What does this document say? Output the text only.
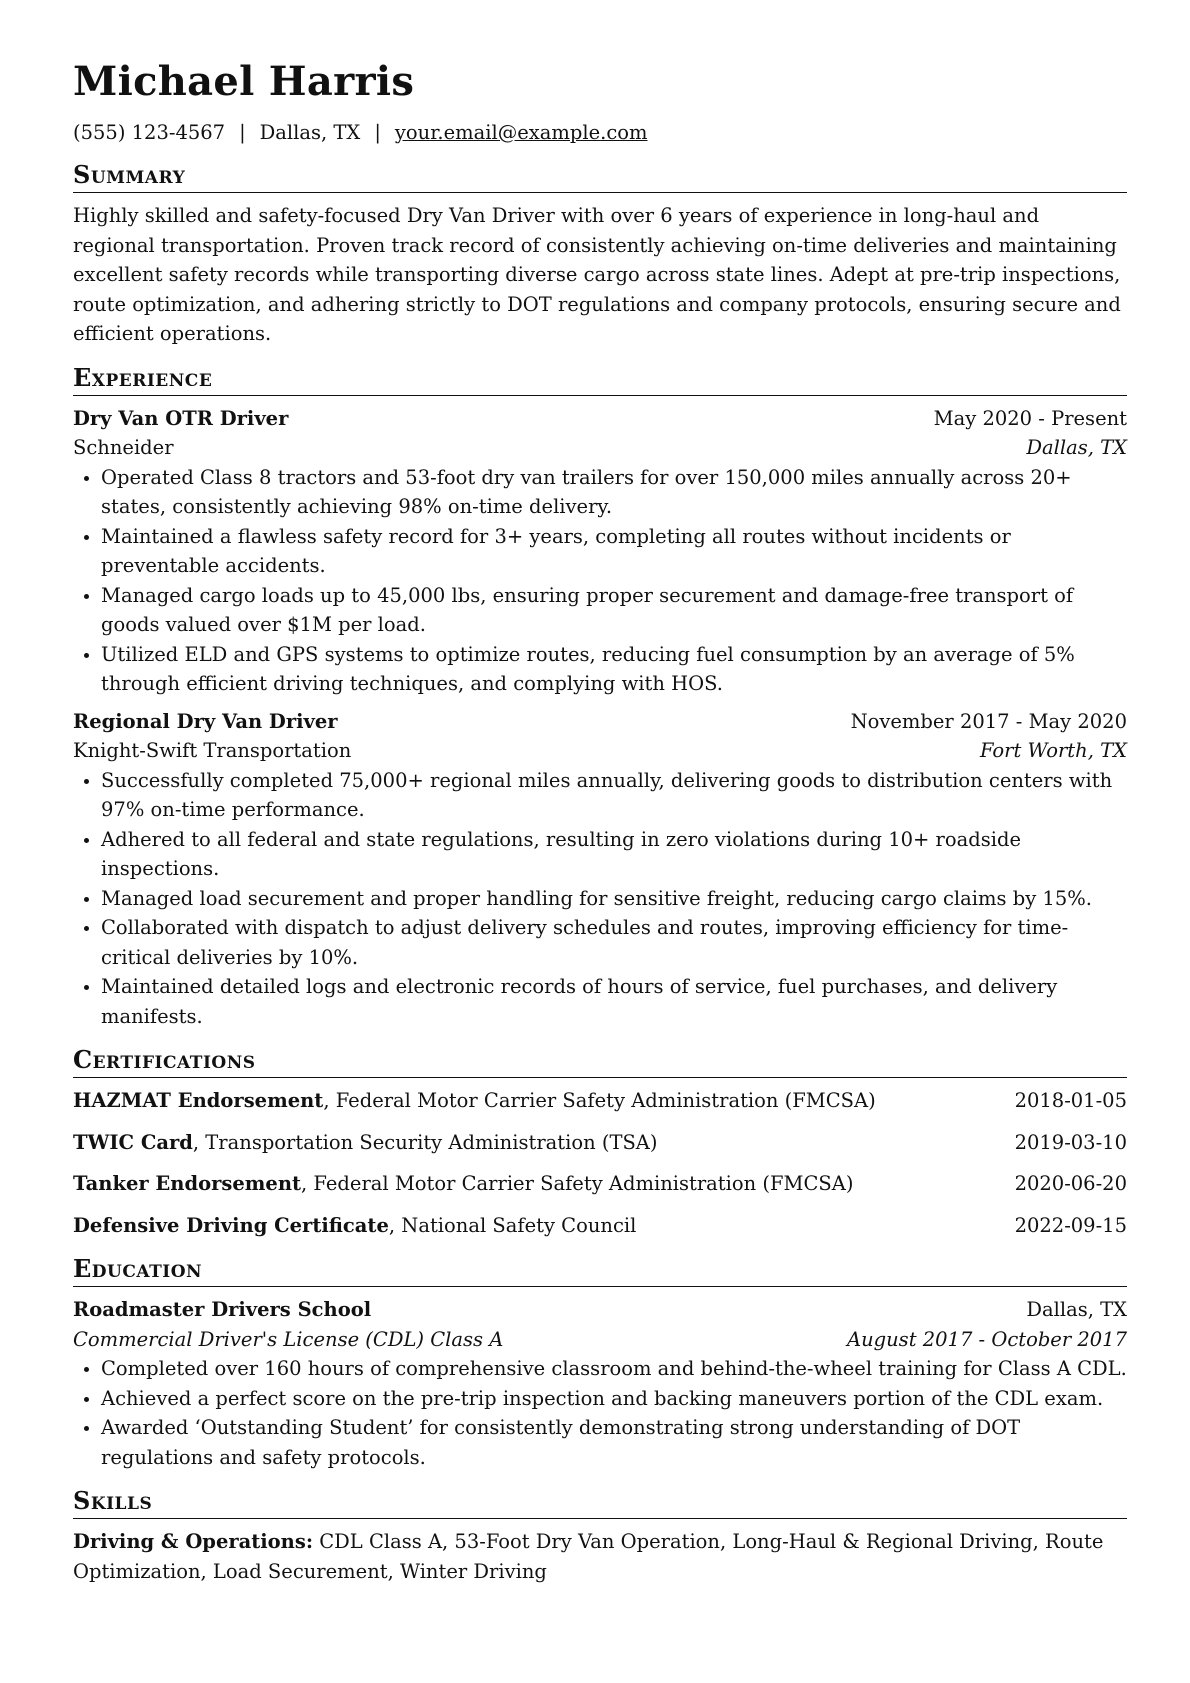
Michael Harris
(555) 123-4567 | Dallas, TX | your.email@example.com
Summary

Highly skilled and safety-focused Dry Van Driver with over 6 years of experience in long-haul and regional transportation. Proven track record of consistently achieving on-time deliveries and maintaining excellent safety records while transporting diverse cargo across state lines. Adept at pre-trip inspections, route optimization, and adhering strictly to DOT regulations and company protocols, ensuring secure and efficient operations.

Experience
Dry Van OTR Driver	May 2020 - Present
Schneider	Dallas, TX
• Operated Class 8 tractors and 53-foot dry van trailers for over 150,000 miles annually across 20+ states, consistently achieving 98% on-time delivery.
• Maintained a flawless safety record for 3+ years, completing all routes without incidents or preventable accidents.
• Managed cargo loads up to 45,000 lbs, ensuring proper securement and damage-free transport of goods valued over $1M per load.
• Utilized ELD and GPS systems to optimize routes, reducing fuel consumption by an average of 5% through efficient driving techniques, and complying with HOS.
Regional Dry Van Driver	November 2017 - May 2020
Knight-Swift Transportation	Fort Worth, TX
• Successfully completed 75,000+ regional miles annually, delivering goods to distribution centers with 97% on-time performance.
• Adhered to all federal and state regulations, resulting in zero violations during 10+ roadside inspections.
• Managed load securement and proper handling for sensitive freight, reducing cargo claims by 15%.
• Collaborated with dispatch to adjust delivery schedules and routes, improving efficiency for time-critical deliveries by 10%.
• Maintained detailed logs and electronic records of hours of service, fuel purchases, and delivery manifests.
Certifications
HAZMAT Endorsement, Federal Motor Carrier Safety Administration (FMCSA)	2018-01-05
TWIC Card, Transportation Security Administration (TSA)	2019-03-10
Tanker Endorsement, Federal Motor Carrier Safety Administration (FMCSA)	2020-06-20
Defensive Driving Certificate, National Safety Council	2022-09-15
Education
Roadmaster Drivers School	Dallas, TX
Commercial Driver's License (CDL) Class A	August 2017 - October 2017
• Completed over 160 hours of comprehensive classroom and behind-the-wheel training for Class A CDL.
• Achieved a perfect score on the pre-trip inspection and backing maneuvers portion of the CDL exam.
• Awarded ‘Outstanding Student’ for consistently demonstrating strong understanding of DOT regulations and safety protocols.
Skills

Driving & Operations: CDL Class A, 53-Foot Dry Van Operation, Long-Haul & Regional Driving, Route Optimization, Load Securement, Winter Driving
